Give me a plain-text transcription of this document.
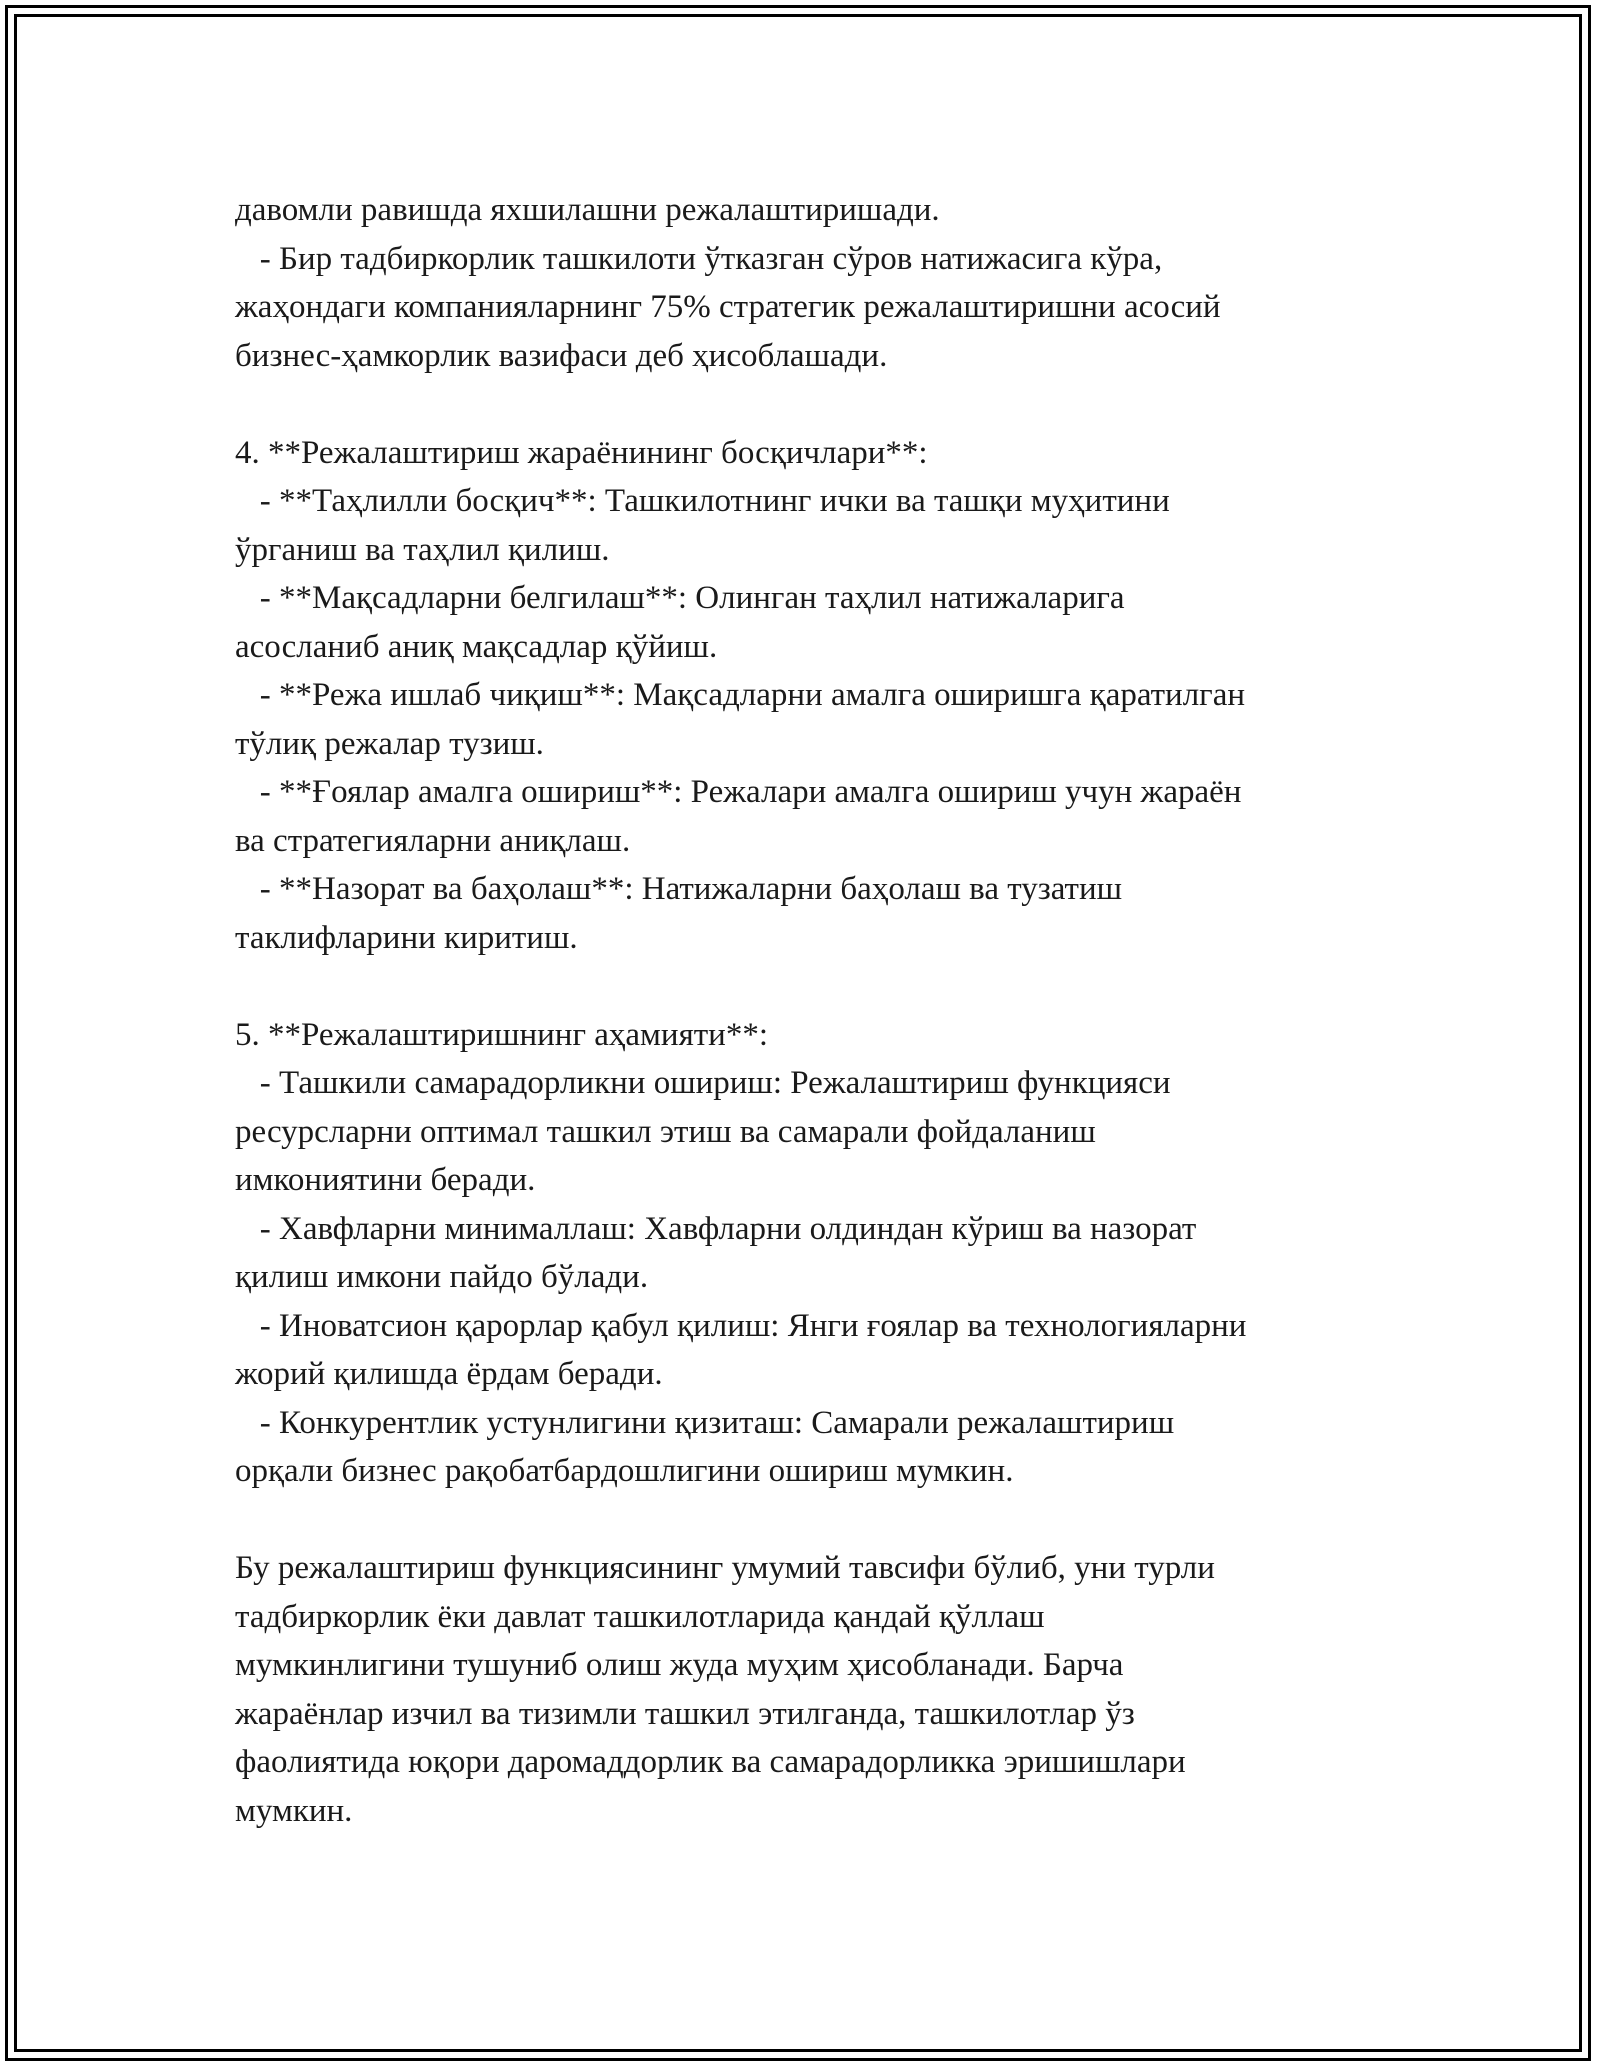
давомли равишда яхшилашни режалаштиришади.
- Бир тадбиркорлик ташкилоти ўтказган сўров натижасига кўра,
жаҳондаги компанияларнинг 75% стратегик режалаштиришни асосий
бизнес-ҳамкорлик вазифаси деб ҳисоблашади.
4. **Режалаштириш жараёнининг босқичлари**:
- **Таҳлилли босқич**: Ташкилотнинг ички ва ташқи муҳитини
ўрганиш ва таҳлил қилиш.
- **Мақсадларни белгилаш**: Олинган таҳлил натижаларига
асосланиб аниқ мақсадлар қўйиш.
- **Режа ишлаб чиқиш**: Мақсадларни амалга оширишга қаратилган
тўлиқ режалар тузиш.
- **Ғоялар амалга ошириш**: Режалари амалга ошириш учун жараён
ва стратегияларни аниқлаш.
- **Назорат ва баҳолаш**: Натижаларни баҳолаш ва тузатиш
таклифларини киритиш.
5. **Режалаштиришнинг аҳамияти**:
- Ташкили самарадорликни ошириш: Режалаштириш функцияси
ресурсларни оптимал ташкил этиш ва самарали фойдаланиш
имкониятини беради.
- Хавфларни минималлаш: Хавфларни олдиндан кўриш ва назорат
қилиш имкони пайдо бўлади.
- Иноватсион қарорлар қабул қилиш: Янги ғоялар ва технологияларни
жорий қилишда ёрдам беради.
- Конкурентлик устунлигини қизиташ: Самарали режалаштириш
орқали бизнес рақобатбардошлигини ошириш мумкин.
Бу режалаштириш функциясининг умумий тавсифи бўлиб, уни турли
тадбиркорлик ёки давлат ташкилотларида қандай қўллаш
мумкинлигини тушуниб олиш жуда муҳим ҳисобланади. Барча
жараёнлар изчил ва тизимли ташкил этилганда, ташкилотлар ўз
фаолиятида юқори даромаддорлик ва самарадорликка эришишлари
мумкин.
